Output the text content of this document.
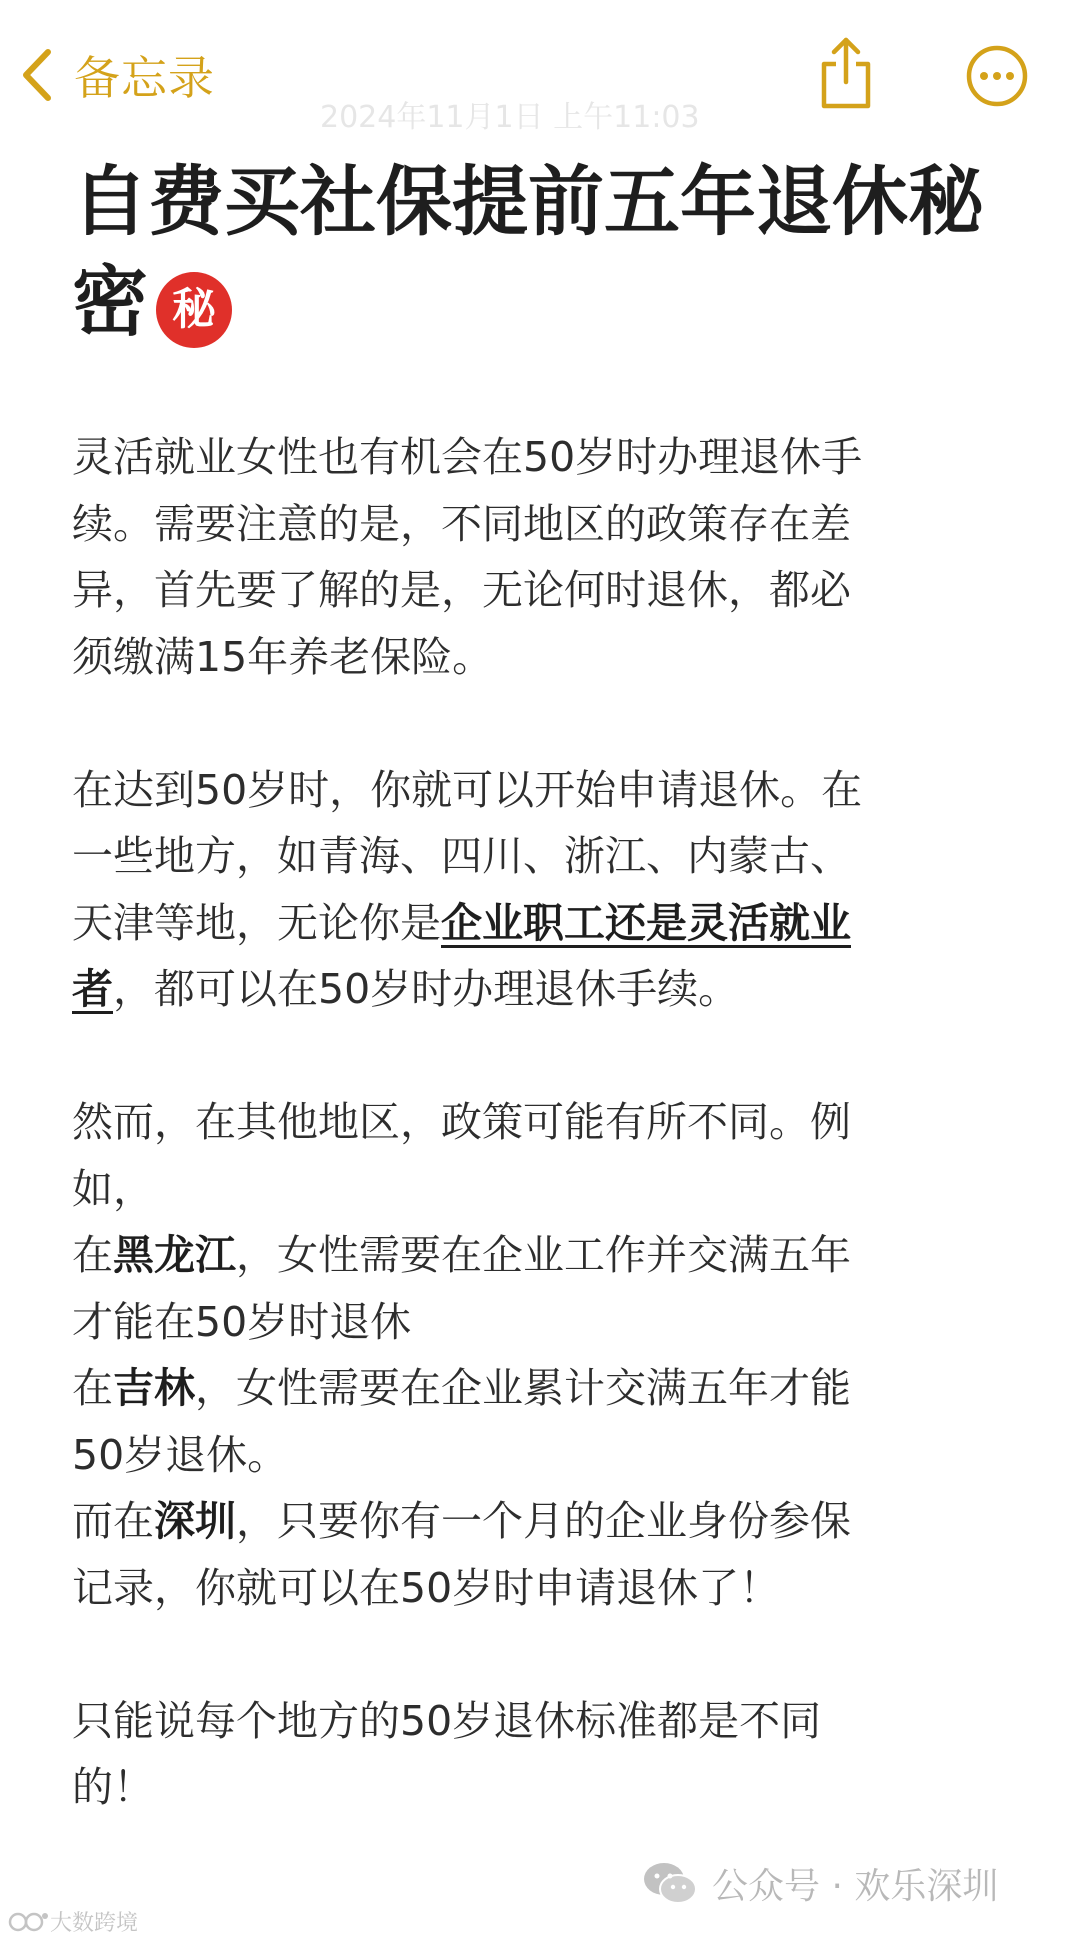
备忘录
2024年11月1日 上午11:03
自费买社保提前五年退休秘密 秘
灵活就业女性也有机会在50岁时办理退休手
续。需要注意的是，不同地区的政策存在差
异，首先要了解的是，无论何时退休，都必
须缴满15年养老保险。
在达到50岁时，你就可以开始申请退休。在
一些地方，如青海、四川、浙江、内蒙古、
天津等地，无论你是企业职工还是灵活就业
者，都可以在50岁时办理退休手续。
然而，在其他地区，政策可能有所不同。例
如，
在黑龙江，女性需要在企业工作并交满五年
才能在50岁时退休
在吉林，女性需要在企业累计交满五年才能
50岁退休。
而在深圳，只要你有一个月的企业身份参保
记录，你就可以在50岁时申请退休了！
只能说每个地方的50岁退休标准都是不同
的！
公众号 · 欢乐深圳
大数跨境
